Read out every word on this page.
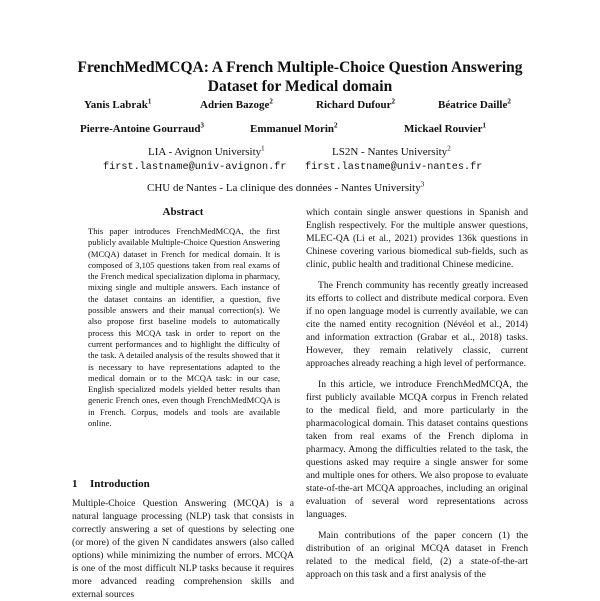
FrenchMedMCQA: A French Multiple-Choice Question Answering
Dataset for Medical domain
Yanis Labrak$^1$	Adrien Bazoge$^2$	Richard Dufour$^2$	Béatrice Daille$^2$
Pierre-Antoine Gourraud$^3$	Emmanuel Morin$^2$	Mickael Rouvier$^1$
LIA - Avignon University$^1$	LS2N - Nantes University$^2$
first.lastname@univ-avignon.fr first.lastname@univ-nantes.fr
CHU de Nantes - La clinique des données - Nantes University$^3$
Abstract
This paper introduces FrenchMedMCQA, the first publicly available Multiple-Choice Question Answering (MCQA) dataset in French for medical domain. It is composed of 3,105 questions taken from real exams of the French medical specialization diploma in pharmacy, mixing single and multiple answers. Each instance of the dataset contains an identifier, a question, five possible answers and their manual correction(s). We also propose first baseline models to automatically process this MCQA task in order to report on the current performances and to highlight the difficulty of the task. A detailed analysis of the results showed that it is necessary to have representations adapted to the medical domain or to the MCQA task: in our case, English specialized models yielded better results than generic French ones, even though FrenchMedMCQA is in French. Corpus, models and tools are available online.
1 Introduction
Multiple-Choice Question Answering (MCQA) is a natural language processing (NLP) task that consists in correctly answering a set of questions by selecting one (or more) of the given N candidates answers (also called options) while minimizing the number of errors. MCQA is one of the most difficult NLP tasks because it requires more advanced reading comprehension skills and external sources

which contain single answer questions in Spanish and English respectively. For the multiple answer questions, MLEC-QA (Li et al., 2021) provides 136k questions in Chinese covering various biomedical sub-fields, such as clinic, public health and traditional Chinese medicine.

The French community has recently greatly increased its efforts to collect and distribute medical corpora. Even if no open language model is currently available, we can cite the named entity recognition (Névéol et al., 2014) and information extraction (Grabar et al., 2018) tasks. However, they remain relatively classic, current approaches already reaching a high level of performance.

In this article, we introduce FrenchMedMCQA, the first publicly available MCQA corpus in French related to the medical field, and more particularly in the pharmacological domain. This dataset contains questions taken from real exams of the French diploma in pharmacy. Among the difficulties related to the task, the questions asked may require a single answer for some and multiple ones for others. We also propose to evaluate state-of-the-art MCQA approaches, including an original evaluation of several word representations across languages.

Main contributions of the paper concern (1) the distribution of an original MCQA dataset in French related to the medical field, (2) a state-of-the-art approach on this task and a first analysis of the
